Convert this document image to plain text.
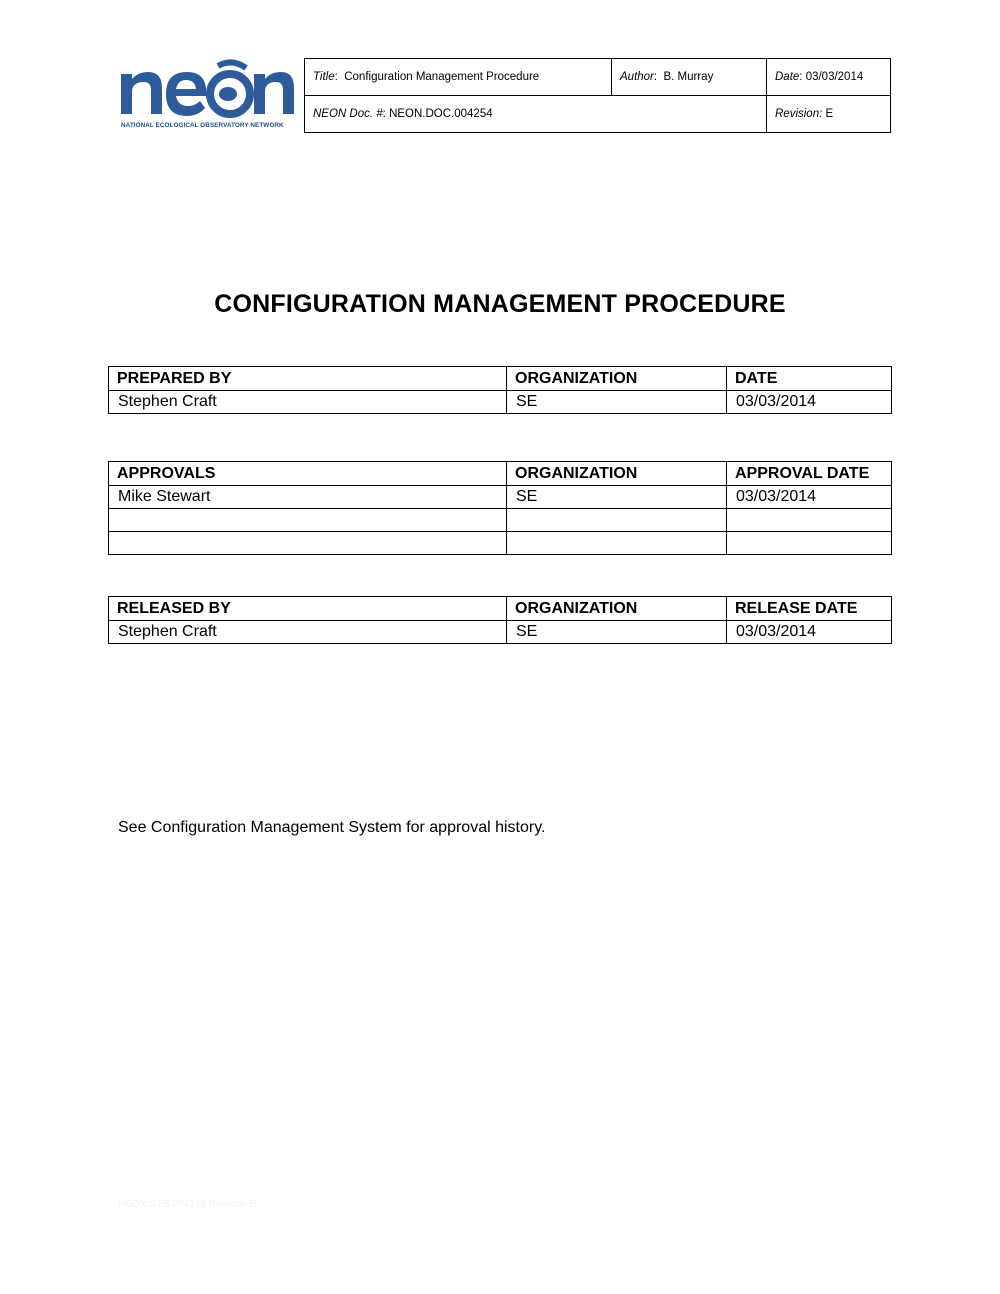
NATIONAL ECOLOGICAL OBSERVATORY NETWORK
Title:  Configuration Management Procedure	Author:  B. Murray	Date: 03/03/2014
NEON Doc. #: NEON.DOC.004254		Revision: E
CONFIGURATION MANAGEMENT PROCEDURE
PREPARED BY	ORGANIZATION	DATE
Stephen Craft	SE	03/03/2014
APPROVALS	ORGANIZATION	APPROVAL DATE
Mike Stewart	SE	03/03/2014

RELEASED BY	ORGANIZATION	RELEASE DATE
Stephen Craft	SE	03/03/2014
See Configuration Management System for approval history.
NEON.SYS.004243 Revision B
